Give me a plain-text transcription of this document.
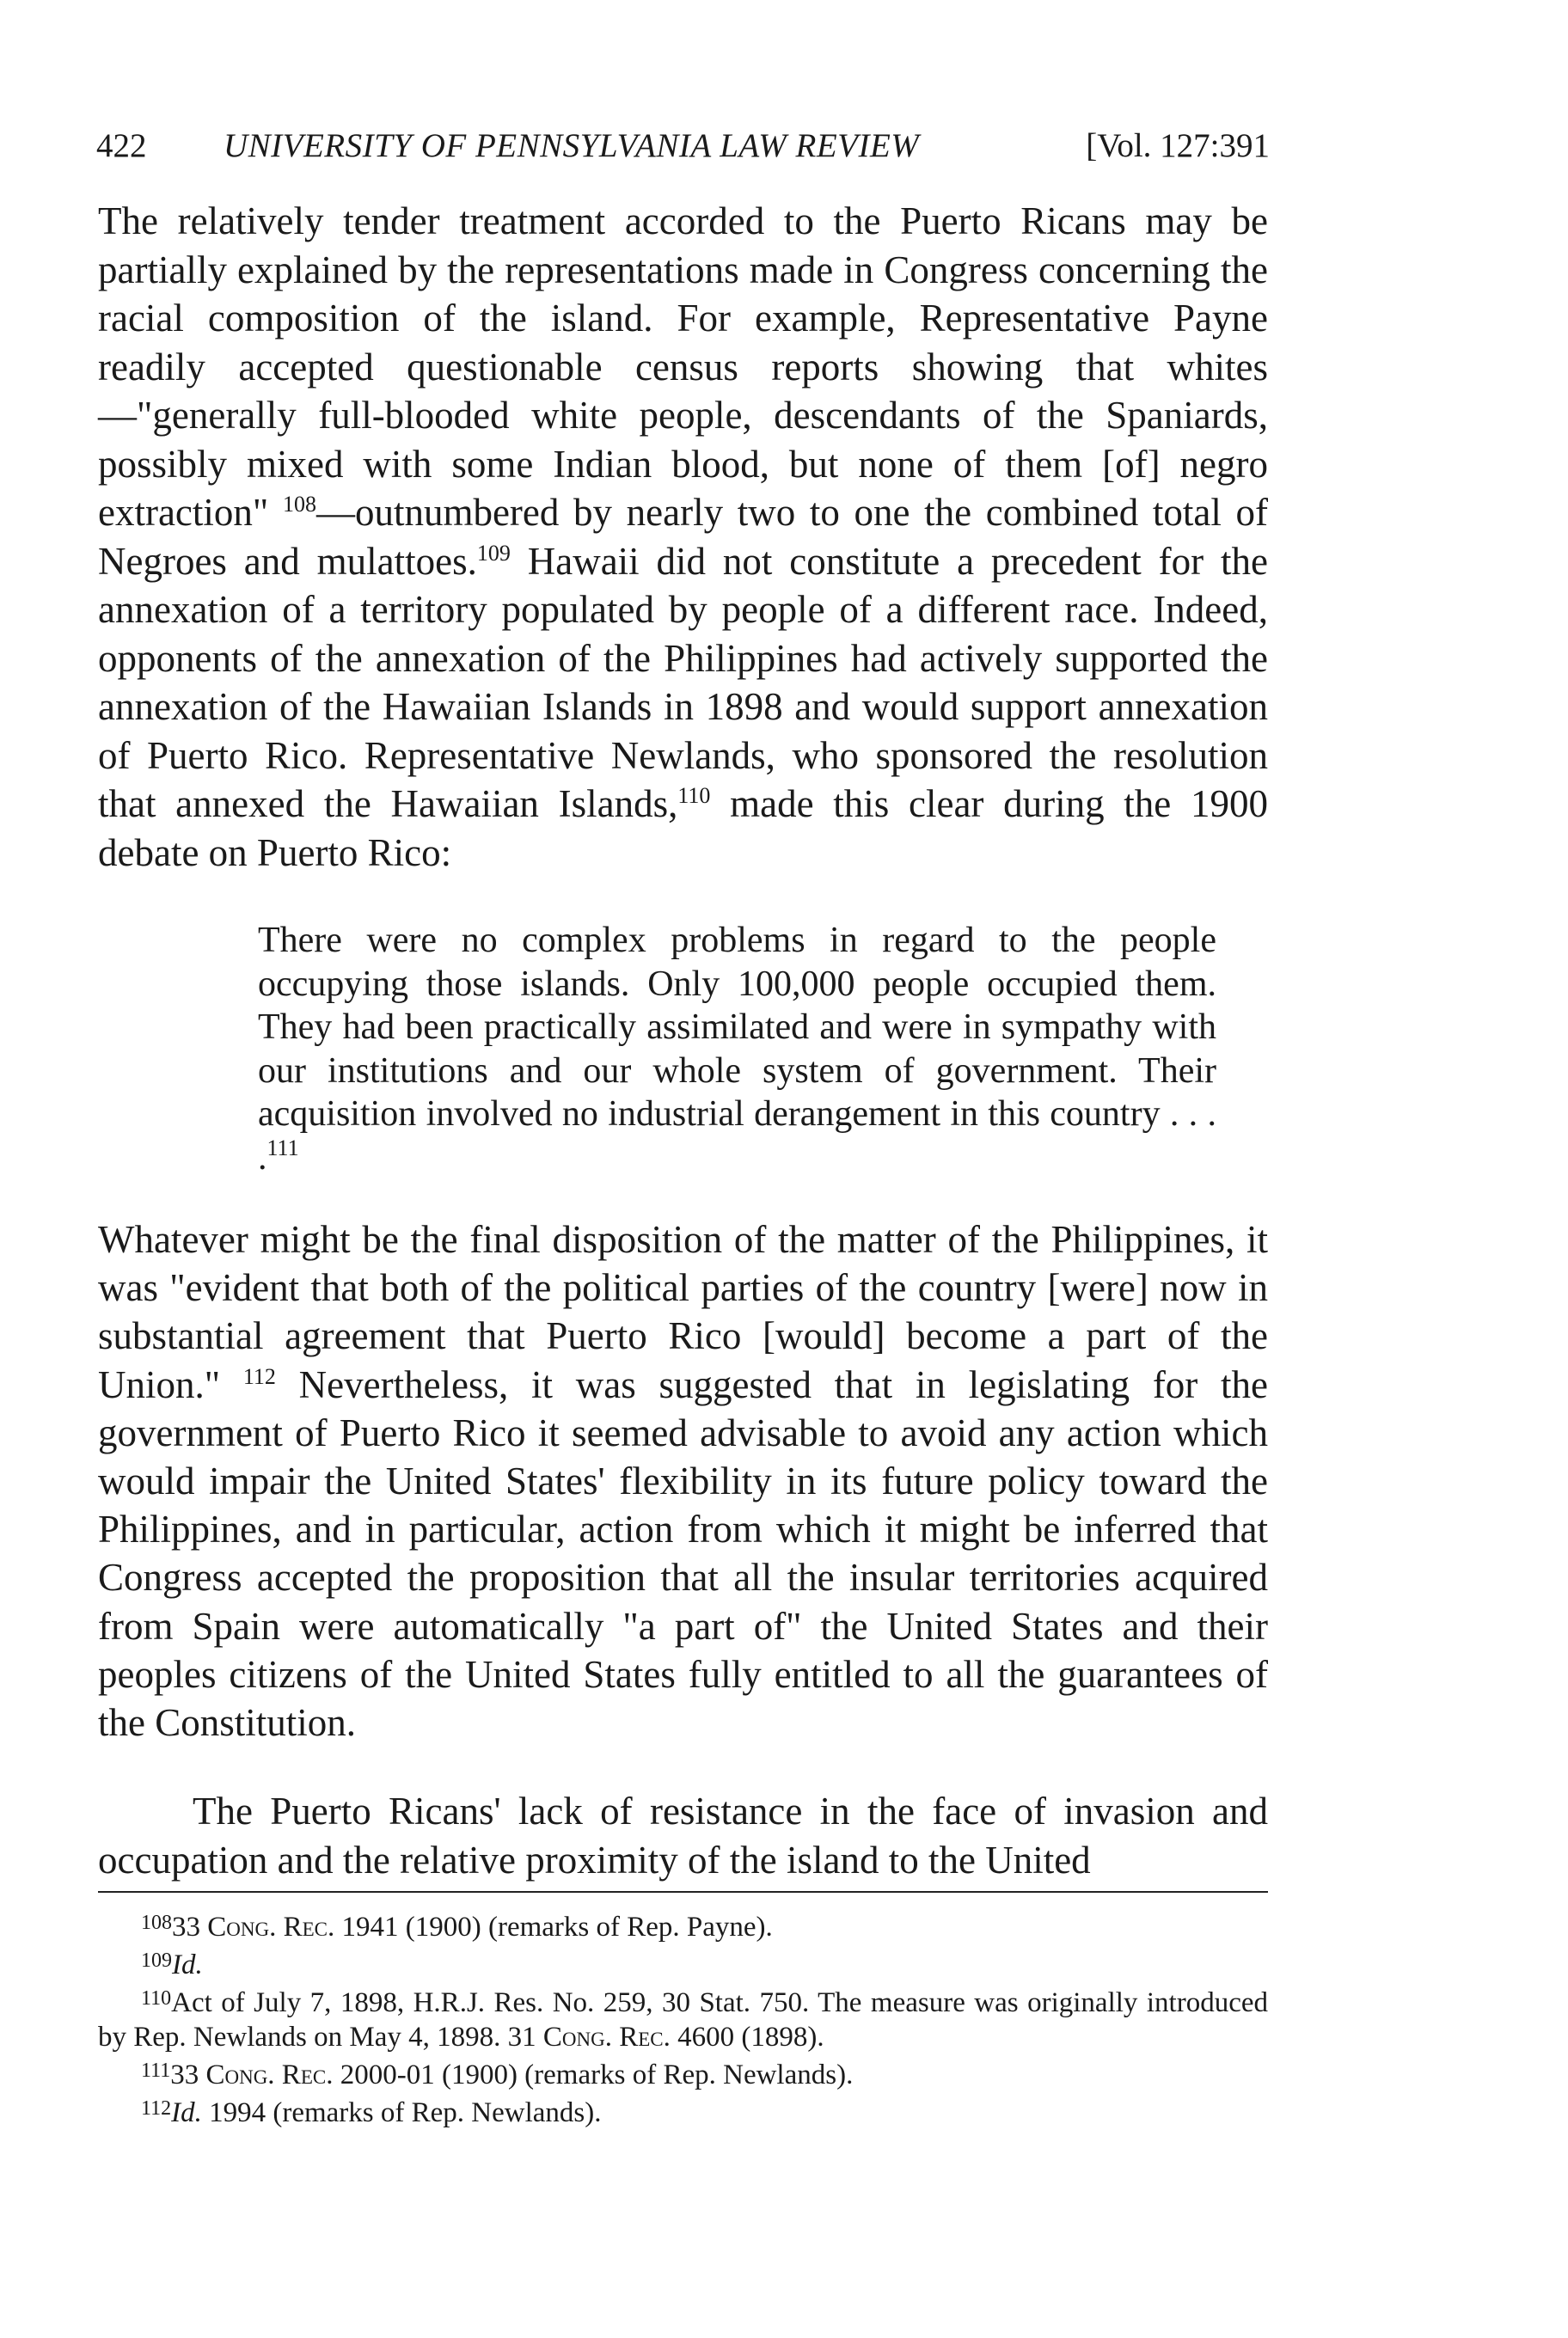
422 UNIVERSITY OF PENNSYLVANIA LAW REVIEW	[Vol. 127:391

The relatively tender treatment accorded to the Puerto Ricans may be partially explained by the representations made in Congress concerning the racial composition of the island. For example, Representative Payne readily accepted questionable census reports showing that whites—"generally full-blooded white people, descendants of the Spaniards, possibly mixed with some Indian blood, but none of them [of] negro extraction" $^{108}$—outnumbered by nearly two to one the combined total of Negroes and mulattoes.$^{109}$ Hawaii did not constitute a precedent for the annexation of a territory populated by people of a different race. Indeed, opponents of the annexation of the Philippines had actively supported the annexation of the Hawaiian Islands in 1898 and would support annexation of Puerto Rico. Representative Newlands, who sponsored the resolution that annexed the Hawaiian Islands,$^{110}$ made this clear during the 1900 debate on Puerto Rico:

There were no complex problems in regard to the people occupying those islands. Only 100,000 people occupied them. They had been practically assimilated and were in sympathy with our institutions and our whole system of government. Their acquisition involved no industrial derangement in this country . . . .$^{111}$
Whatever might be the final disposition of the matter of the Philippines, it was "evident that both of the political parties of the country [were] now in substantial agreement that Puerto Rico [would] become a part of the Union." $^{112}$ Nevertheless, it was suggested that in legislating for the government of Puerto Rico it seemed advisable to avoid any action which would impair the United States' flexibility in its future policy toward the Philippines, and in particular, action from which it might be inferred that Congress accepted the proposition that all the insular territories acquired from Spain were automatically "a part of" the United States and their peoples citizens of the United States fully entitled to all the guarantees of the Constitution.
The Puerto Ricans' lack of resistance in the face of invasion and occupation and the relative proximity of the island to the United

$^{108}$33 Cong. Rec. 1941 (1900) (remarks of Rep. Payne).

$^{109}$Id.

$^{110}$Act of July 7, 1898, H.R.J. Res. No. 259, 30 Stat. 750. The measure was originally introduced by Rep. Newlands on May 4, 1898. 31 Cong. Rec. 4600 (1898).

$^{111}$33 Cong. Rec. 2000-01 (1900) (remarks of Rep. Newlands).

$^{112}$Id. 1994 (remarks of Rep. Newlands).
